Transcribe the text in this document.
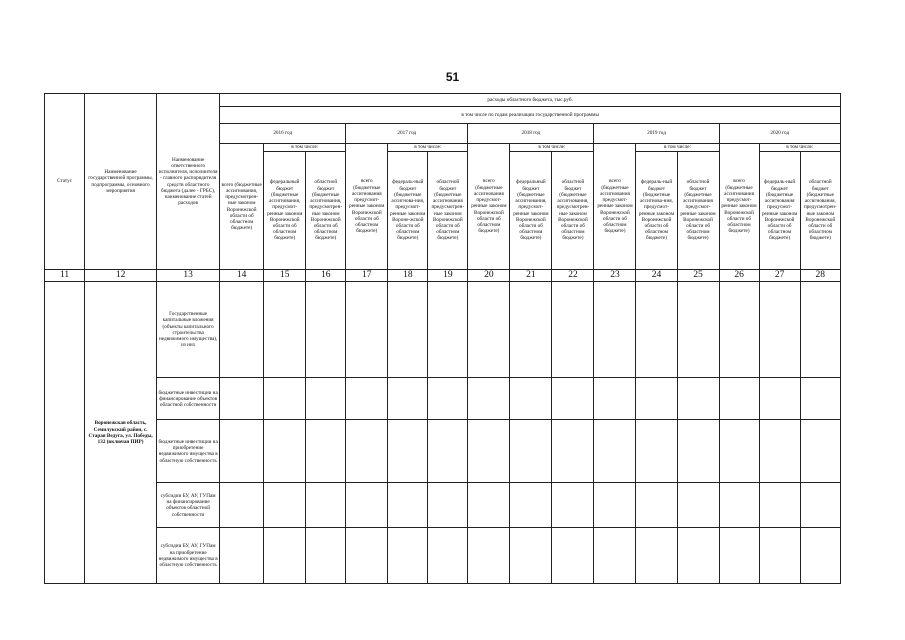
51
Статус	Наименование государственной программы, подпрограммы, основного мероприятия	Наименование ответственного исполнителя, исполнителя - главного распорядителя средств областного бюджета (далее - ГРБС), наименование статей расходов	расходы областного бюджета, тыс.руб.														
			в том числе по годам реализации государственной программы														
			2016 год			2017 год			2018 год			2019 год			2020 год		
			всего (бюджетные ассигнования, предусмотрен-ные законом Воронежской области об областном бюджете)	в том числе:		всего (бюджетные ассигнования предусмот-ренные законом Воронежской области об областном бюджете)	в том числе:		всего (бюджетные ассигнования предусмот-ренные законом Воронежской области об областном бюджете)	в том числе:		всего (бюджетные ассигнования предусмот-ренные законом Воронежской области об областном бюджете)	в том числе:		всего (бюджетные ассигнования предусмот-ренные законом Воронежской области об областном бюджете)	в том числе:	
				федеральный бюджет (бюджетные ассигнования, предусмот-ренные законом Воронежской области об областном бюджете)	областной бюджет (бюджетные ассигнования, предусмотрен-ные законом Воронежской области об областном бюджете)		федераль-ный бюджет (бюджетные ассигнова-ния, предусмот-ренные законом Вороне-жской области об областном бюджете)	областной бюджет (бюджетные ассигнования предусмотрен-ные законом Воронежской области об областном бюджете)		федеральный бюджет (бюджетные ассигнования, предусмот-ренные законом Воронежской области об областном бюджете)	областной бюджет (бюджетные ассигнования, предусмотрен-ные законом Воронежской области об областном бюджете)		федераль-ный бюджет (бюджетные ассигнова-ния, предусмот-ренные законом Воронежской области об областном бюджете)	областной бюджет (бюджетные ассигнования предусмот-ренные законом Воронежской области об областном бюджете)		федераль-ный бюджет (бюджетные ассигнования предусмот-ренные законом Воронежской области об областном бюджете)	областной бюджет (бюджетные ассигнования, предусмотрен-ные законом Воронежской области об областном бюджете)
11	12	13	14	15	16	17	18	19	20	21	22	23	24	25	26	27	28
	Воронежская область, Семилукский район, с. Старая Ведуга, ул. Победы, 132 (включая ПИР)	Государственные капитальные вложения (объекты капитального строительства недвижимого имущества), из них															
		бюджетные инвестиции на финансирование объектов областной собственности															
		бюджетные инвестиции на приобретение недвижимого имущества в областную собственность															
		субсидии БУ, АУ, ГУПам на финансирование объектов областной собственности															
		субсидии БУ, АУ, ГУПам на приобретение недвижимого имущества в областную собственность															
